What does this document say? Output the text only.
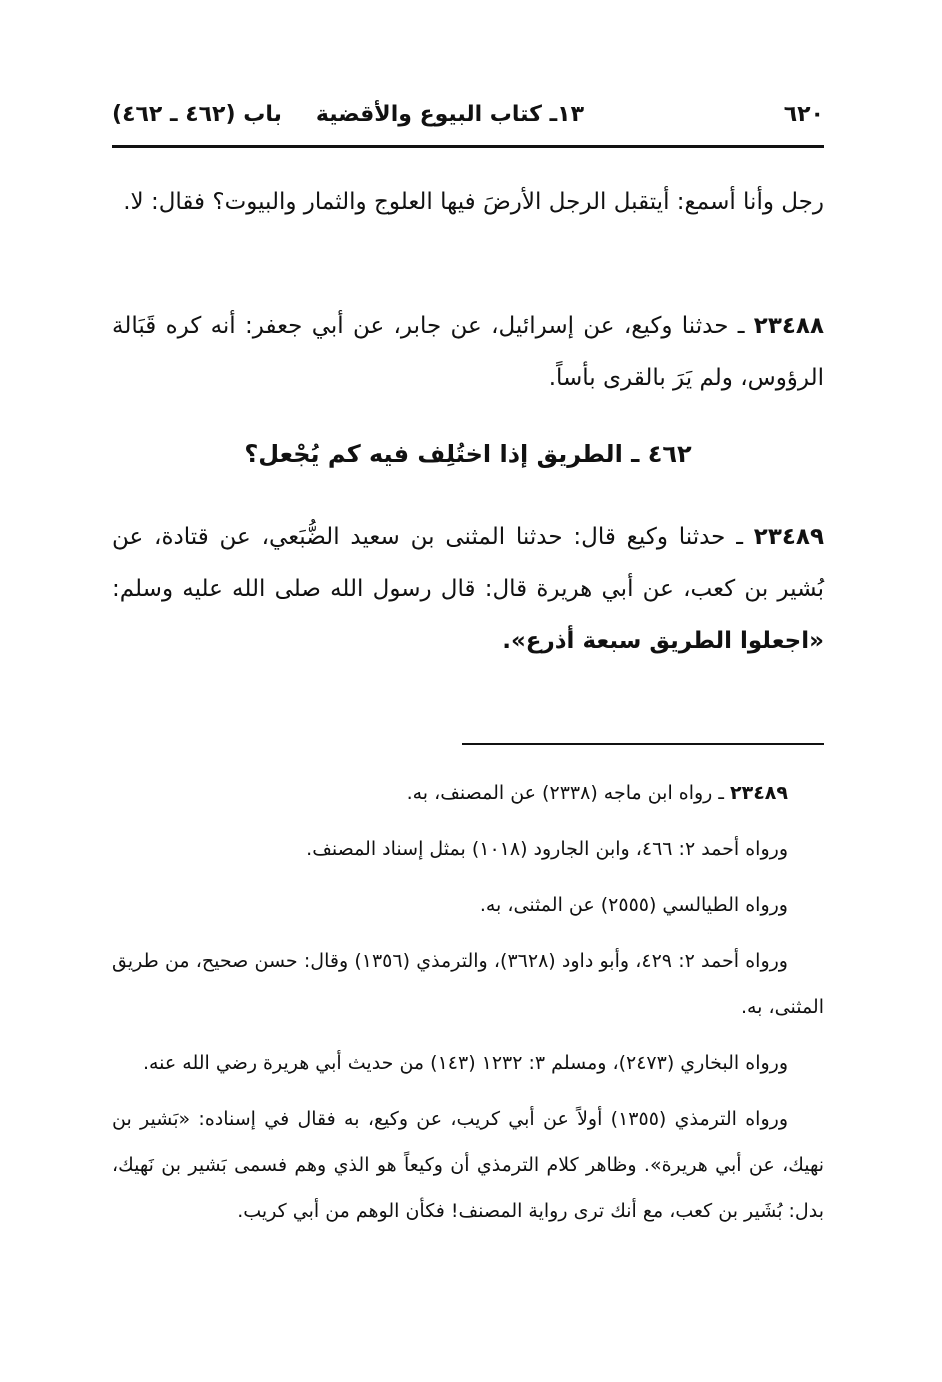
٦٢٠
١٣ـ كتاب البيوع والأقضية
باب (٤٦٢ ـ ٤٦٢)
رجل وأنا أسمع: أيتقبل الرجل الأرضَ فيها العلوج والثمار والبيوت؟ فقال: لا.
٢٣٤٨٨ ـ حدثنا وكيع، عن إسرائيل، عن جابر، عن أبي جعفر: أنه كره قَبَالة الرؤوس، ولم يَرَ بالقرى بأساً.
٤٦٢ ـ الطريق إذا اختُلِف فيه كم يُجْعل؟
٢٣٤٨٩ ـ حدثنا وكيع قال: حدثنا المثنى بن سعيد الضُّبَعي، عن قتادة، عن بُشير بن كعب، عن أبي هريرة قال: قال رسول الله صلى الله عليه وسلم: «اجعلوا الطريق سبعة أذرع».

٢٣٤٨٩ ـ رواه ابن ماجه (٢٣٣٨) عن المصنف، به.

ورواه أحمد ٢: ٤٦٦، وابن الجارود (١٠١٨) بمثل إسناد المصنف.

ورواه الطيالسي (٢٥٥٥) عن المثنى، به.

ورواه أحمد ٢: ٤٢٩، وأبو داود (٣٦٢٨)، والترمذي (١٣٥٦) وقال: حسن صحيح، من طريق المثنى، به.

ورواه البخاري (٢٤٧٣)، ومسلم ٣: ١٢٣٢ (١٤٣) من حديث أبي هريرة رضي الله عنه.

ورواه الترمذي (١٣٥٥) أولاً عن أبي كريب، عن وكيع، به فقال في إسناده: «بَشير بن نهيك، عن أبي هريرة». وظاهر كلام الترمذي أن وكيعاً هو الذي وهم فسمى بَشير بن نَهيك، بدل: بُشَير بن كعب، مع أنك ترى رواية المصنف! فكأن الوهم من أبي كريب.
